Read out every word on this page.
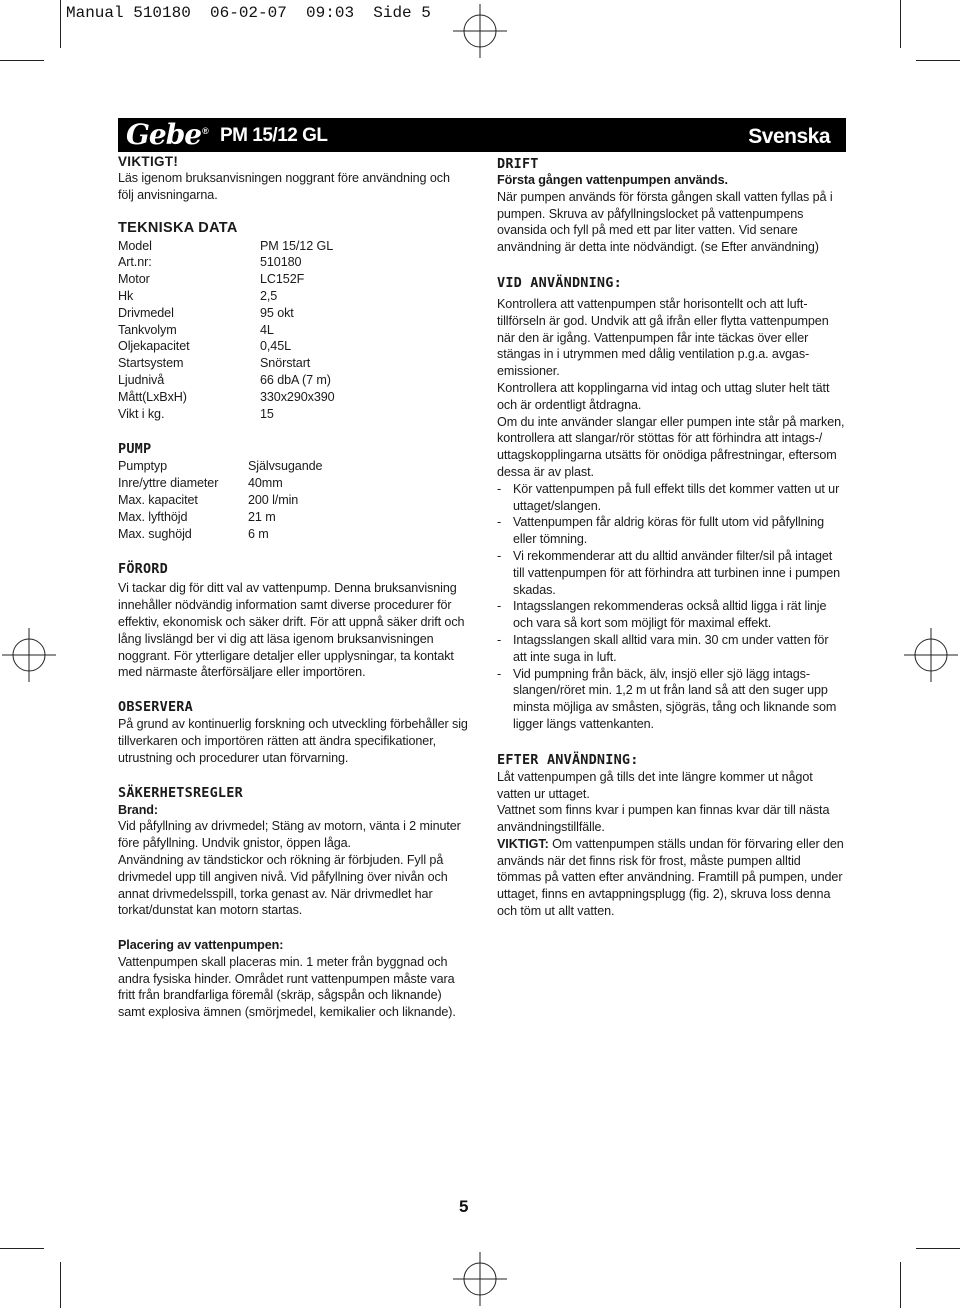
Manual 510180  06-02-07  09:03  Side 5
Gebe® PM 15/12 GL	Svenska

VIKTIGT!

Läs igenom bruksanvisningen noggrant före användning och följ anvisningarna.

TEKNISKA DATA

Model	PM 15/12 GL
Art.nr:	510180
Motor	LC152F
Hk	2,5
Drivmedel	95 okt
Tankvolym	4L
Oljekapacitet	0,45L
Startsystem	Snörstart
Ljudnivå	66 dbA (7 m)
Mått(LxBxH)	330x290x390
Vikt i kg.	15

PUMP

Pumptyp	Självsugande
Inre/yttre diameter 40mm
Max. kapacitet	200 l/min
Max. lyfthöjd	21 m
Max. sughöjd	6 m

FÖRORD

Vi tackar dig för ditt val av vattenpump. Denna bruksanvisning innehåller nödvändig information samt diverse procedurer för effektiv, ekonomisk och säker drift. För att uppnå säker drift och lång livslängd ber vi dig att läsa igenom bruksanvisningen noggrant. För ytterligare detaljer eller upplysningar, ta kontakt med närmaste återförsäljare eller importören.

OBSERVERA

På grund av kontinuerlig forskning och utveckling förbehåller sig tillverkaren och importören rätten att ändra specifikationer, utrustning och procedurer utan förvarning.

SÄKERHETSREGLER

Brand:

Vid påfyllning av drivmedel; Stäng av motorn, vänta i 2 minuter före påfyllning. Undvik gnistor, öppen låga.

Användning av tändstickor och rökning är förbjuden. Fyll på drivmedel upp till angiven nivå. Vid påfyllning över nivån och annat drivmedelsspill, torka genast av. När drivmedlet har torkat/dunstat kan motorn startas.

Placering av vattenpumpen:

Vattenpumpen skall placeras min. 1 meter från byggnad och andra fysiska hinder. Området runt vattenpumpen måste vara fritt från brandfarliga föremål (skräp, sågspån och liknande) samt explosiva ämnen (smörjmedel, kemikalier och liknande).

DRIFT

Första gången vattenpumpen används.

När pumpen används för första gången skall vatten fyllas på i pumpen. Skruva av påfyllningslocket på vattenpumpens ovansida och fyll på med ett par liter vatten. Vid senare användning är detta inte nödvändigt. (se Efter användning)

VID ANVÄNDNING:

Kontrollera att vattenpumpen står horisontellt och att luft-tillförseln är god. Undvik att gå ifrån eller flytta vattenpumpen när den är igång. Vattenpumpen får inte täckas över eller stängas in i utrymmen med dålig ventilation p.g.a. avgas-emissioner.

Kontrollera att kopplingarna vid intag och uttag sluter helt tätt och är ordentligt åtdragna.

Om du inte använder slangar eller pumpen inte står på marken, kontrollera att slangar/rör stöttas för att förhindra att intags-/ uttagskopplingarna utsätts för onödiga påfrestningar, eftersom dessa är av plast.

- Kör vattenpumpen på full effekt tills det kommer vatten ut ur uttaget/slangen.

- Vattenpumpen får aldrig köras för fullt utom vid påfyllning eller tömning.

- Vi rekommenderar att du alltid använder filter/sil på intaget till vattenpumpen för att förhindra att turbinen inne i pumpen skadas.

- Intagsslangen rekommenderas också alltid ligga i rät linje och vara så kort som möjligt för maximal effekt.

- Intagsslangen skall alltid vara min. 30 cm under vatten för att inte suga in luft.

- Vid pumpning från bäck, älv, insjö eller sjö lägg intags-slangen/röret min. 1,2 m ut från land så att den suger upp minsta möjliga av småsten, sjögräs, tång och liknande som ligger längs vattenkanten.

EFTER ANVÄNDNING:

Låt vattenpumpen gå tills det inte längre kommer ut något vatten ur uttaget.

Vattnet som finns kvar i pumpen kan finnas kvar där till nästa användningstillfälle.

VIKTIGT: Om vattenpumpen ställs undan för förvaring eller den används när det finns risk för frost, måste pumpen alltid tömmas på vatten efter användning. Framtill på pumpen, under uttaget, finns en avtappningsplugg (fig. 2), skruva loss denna och töm ut allt vatten.

5
